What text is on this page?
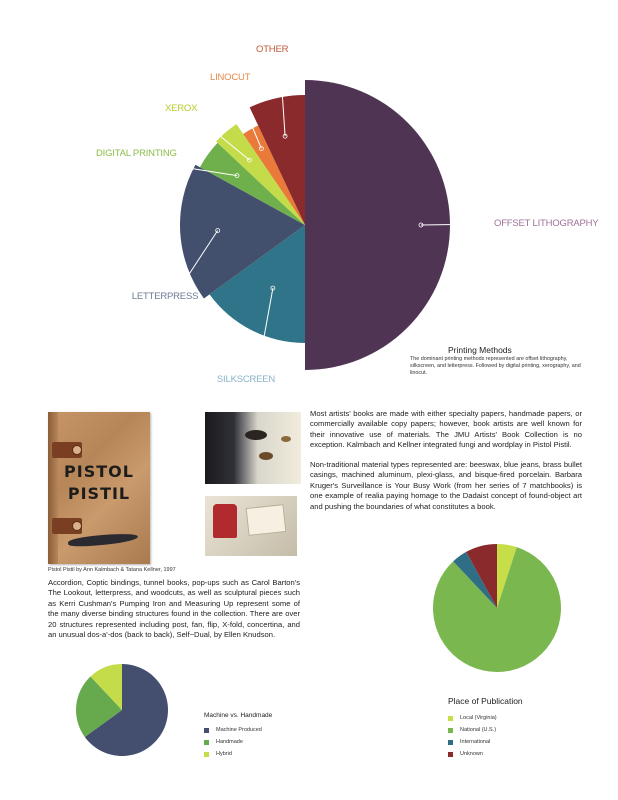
OFFSET LITHOGRAPHY
SILKSCREEN
LETTERPRESS
DIGITAL PRINTING
XEROX
LINOCUT
OTHER
Printing Methods
The dominant printing methods represented are offset lithography, silkscreen, and letterpress. Followed by digital printing, xerography, and linocut.
PISTOL
PISTIL
Pistol Pistil by Ann Kalmbach & Tatana Kellner, 1997
Accordion, Coptic bindings, tunnel books, pop-ups such as Carol Barton's The Lookout, letterpress, and woodcuts, as well as sculptural pieces such as Kerri Cushman's Pumping Iron and Measuring Up represent some of the many diverse binding structures found in the collection. There are over 20 structures represented including post, fan, flip, X-fold, concertina, and an unusual dos-a'-dos (back to back), Self~Dual, by Ellen Knudson.

Most artists' books are made with either specialty papers, handmade papers, or commercially available copy papers; however, book artists are well known for their innovative use of materials. The JMU Artists' Book Collection is no exception. Kalmbach and Kellner integrated fungi and wordplay in Pistol Pistil.

Non-traditional material types represented are: beeswax, blue jeans, brass bullet casings, machined aluminum, plexi-glass, and bisque-fired porcelain. Barbara Kruger's Surveillance is Your Busy Work (from her series of 7 matchbooks) is one example of realia paying homage to the Dadaist concept of found-object art and pushing the boundaries of what constitutes a book.

Place of Publication
Local (Virginia)
National (U.S.)
International
Unknown
Machine vs. Handmade
Machine Produced
Handmade
Hybrid
